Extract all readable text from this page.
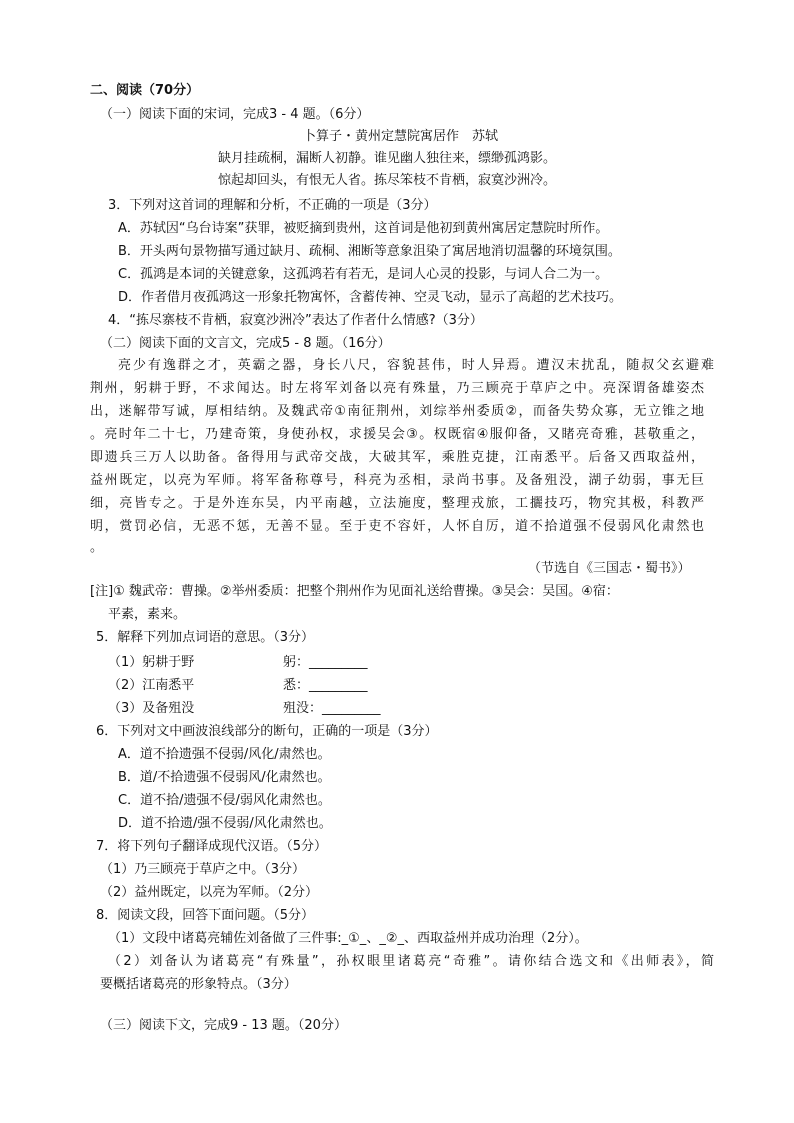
二、阅读（70分）
（一）阅读下面的宋词，完成3 - 4 题。（6分）
卜算子・黄州定慧院寓居作　苏轼
缺月挂疏桐，漏断人初静。谁见幽人独往来，缥缈孤鸿影。
惊起却回头，有恨无人省。拣尽笨枝不肯栖，寂寞沙洲冷。
3．下列对这首词的理解和分析，不正确的一项是（3分）
A．苏轼因“乌台诗案”获罪，被贬摘到贵州，这首词是他初到黄州寓居定慧院时所作。
B．开头两句景物描写通过缺月、疏桐、湘断等意象沮染了寓居地消切温馨的环境氛围。
C．孤鸿是本词的关键意象，这孤鸿若有若无，是词人心灵的投影，与词人合二为一。
D．作者借月夜孤鸿这一形象托物寓怀，含蓄传神、空灵飞动，显示了高超的艺术技巧。
4．“拣尽寨枝不肯栖，寂寞沙洲冷”表达了作者什么情感?（3分）
（二）阅读下面的文言文，完成5 - 8 题。（16分）
亮少有逸群之才，英霸之器，身长八尺，容貌甚伟，时人异焉。遭汉末扰乱，随叔父玄避难
荆州，躬耕于野，不求闻达。时左将军刘备以亮有殊量，乃三顾亮于草庐之中。亮深谓备雄姿杰
出，迷解带写诚，厚相结纳。及魏武帝①南征荆州，刘综举州委质②，而备失势众寡，无立锥之地
。亮时年二十七，乃建奇策，身使孙权，求援吴会③。权既宿④服仰备，又睹亮奇雅，甚敬重之，
即遗兵三万人以助备。备得用与武帝交战，大破其军，乘胜克捷，江南悉平。后备又西取益州，
益州既定，以亮为军师。将军备称尊号，科亮为丞相，录尚书事。及备殂没，湖子幼弱，事无巨
细，亮皆专之。于是外连东吴，内平南越，立法施度，整理戎旅，工攦技巧，物究其极，科教严
明，赏罚必信，无恶不惩，无善不显。至于吏不容奸，人怀自厉，道不拾道强不侵弱风化肃然也
。
（节选自《三国志・蜀书》）
[注]① 魏武帝：曹操。②举州委质：把整个荆州作为见面礼送给曹操。③吴会：吴国。④宿：
平素，素来。
5．解释下列加点词语的意思。（3分）
（1）躬耕于野	躬：_________
（2）江南悉平	悉：_________
（3）及备殂没	殂没：_________
6．下列对文中画波浪线部分的断句，正确的一项是（3分）
A．道不拾遗强不侵弱/风化/肃然也。
B．道/不拾遗强不侵弱风/化肃然也。
C．道不拾/遗强不侵/弱风化肃然也。
D．道不拾遗/强不侵弱/风化肃然也。
7．将下列句子翻译成现代汉语。（5分）
（1）乃三顾亮于草庐之中。（3分）
（2）益州既定，以亮为军师。（2分）
8．阅读文段，回答下面问题。（5分）
（1）文段中诸葛亮辅佐刘备做了三件事:_①_、_②_、西取益州并成功治理（2分）。
（2）刘备认为诸葛亮“有殊量”，孙权眼里诸葛亮“奇雅”。请你结合选文和《出师表》，简
要概括诸葛亮的形象特点。（3分）
（三）阅读下文，完成9 - 13 题。（20分）
